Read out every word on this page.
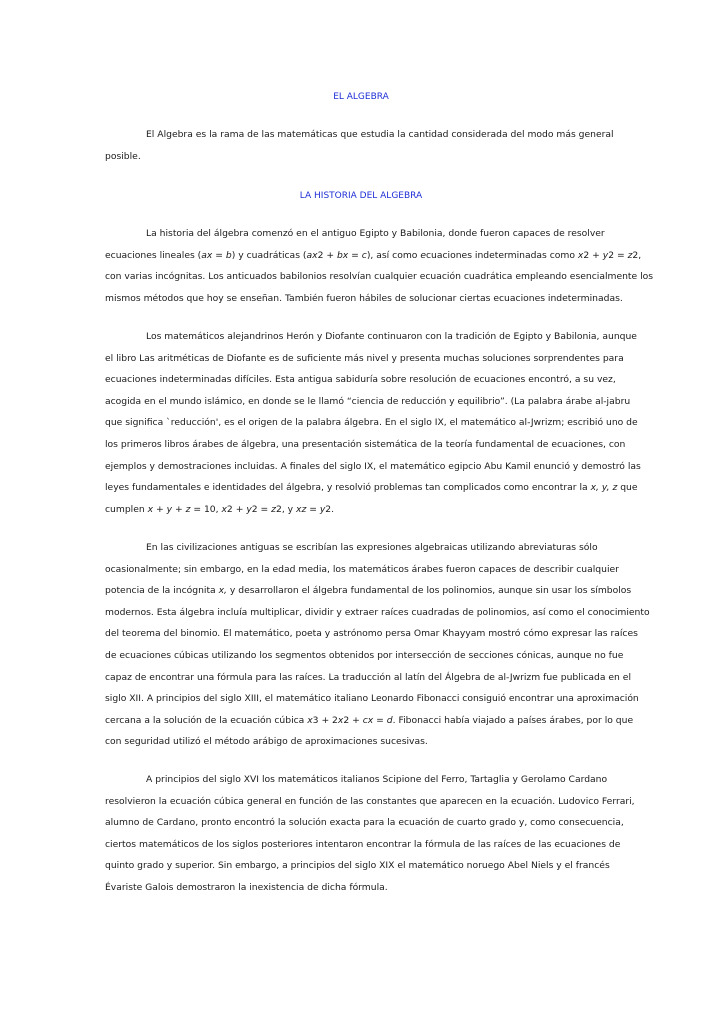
EL ALGEBRA
El Algebra es la rama de las matemáticas que estudia la cantidad considerada del modo más general
posible.
LA HISTORIA DEL ALGEBRA
La historia del álgebra comenzó en el antiguo Egipto y Babilonia, donde fueron capaces de resolver
ecuaciones lineales (ax = b) y cuadráticas (ax2 + bx = c), así como ecuaciones indeterminadas como x2 + y2 = z2,
con varias incógnitas. Los anticuados babilonios resolvían cualquier ecuación cuadrática empleando esencialmente los
mismos métodos que hoy se enseñan. También fueron hábiles de solucionar ciertas ecuaciones indeterminadas.
Los matemáticos alejandrinos Herón y Diofante continuaron con la tradición de Egipto y Babilonia, aunque
el libro Las aritméticas de Diofante es de suficiente más nivel y presenta muchas soluciones sorprendentes para
ecuaciones indeterminadas difíciles. Esta antigua sabiduría sobre resolución de ecuaciones encontró, a su vez,
acogida en el mundo islámico, en donde se le llamó “ciencia de reducción y equilibrio”. (La palabra árabe al-jabru
que significa `reducción', es el origen de la palabra álgebra. En el siglo IX, el matemático al-Jwrizm; escribió uno de
los primeros libros árabes de álgebra, una presentación sistemática de la teoría fundamental de ecuaciones, con
ejemplos y demostraciones incluidas. A finales del siglo IX, el matemático egipcio Abu Kamil enunció y demostró las
leyes fundamentales e identidades del álgebra, y resolvió problemas tan complicados como encontrar la x, y, z que
cumplen x + y + z = 10, x2 + y2 = z2, y xz = y2.
En las civilizaciones antiguas se escribían las expresiones algebraicas utilizando abreviaturas sólo
ocasionalmente; sin embargo, en la edad media, los matemáticos árabes fueron capaces de describir cualquier
potencia de la incógnita x, y desarrollaron el álgebra fundamental de los polinomios, aunque sin usar los símbolos
modernos. Esta álgebra incluía multiplicar, dividir y extraer raíces cuadradas de polinomios, así como el conocimiento
del teorema del binomio. El matemático, poeta y astrónomo persa Omar Khayyam mostró cómo expresar las raíces
de ecuaciones cúbicas utilizando los segmentos obtenidos por intersección de secciones cónicas, aunque no fue
capaz de encontrar una fórmula para las raíces. La traducción al latín del Álgebra de al-Jwrizm fue publicada en el
siglo XII. A principios del siglo XIII, el matemático italiano Leonardo Fibonacci consiguió encontrar una aproximación
cercana a la solución de la ecuación cúbica x3 + 2x2 + cx = d. Fibonacci había viajado a países árabes, por lo que
con seguridad utilizó el método arábigo de aproximaciones sucesivas.
A principios del siglo XVI los matemáticos italianos Scipione del Ferro, Tartaglia y Gerolamo Cardano
resolvieron la ecuación cúbica general en función de las constantes que aparecen en la ecuación. Ludovico Ferrari,
alumno de Cardano, pronto encontró la solución exacta para la ecuación de cuarto grado y, como consecuencia,
ciertos matemáticos de los siglos posteriores intentaron encontrar la fórmula de las raíces de las ecuaciones de
quinto grado y superior. Sin embargo, a principios del siglo XIX el matemático noruego Abel Niels y el francés
Évariste Galois demostraron la inexistencia de dicha fórmula.
